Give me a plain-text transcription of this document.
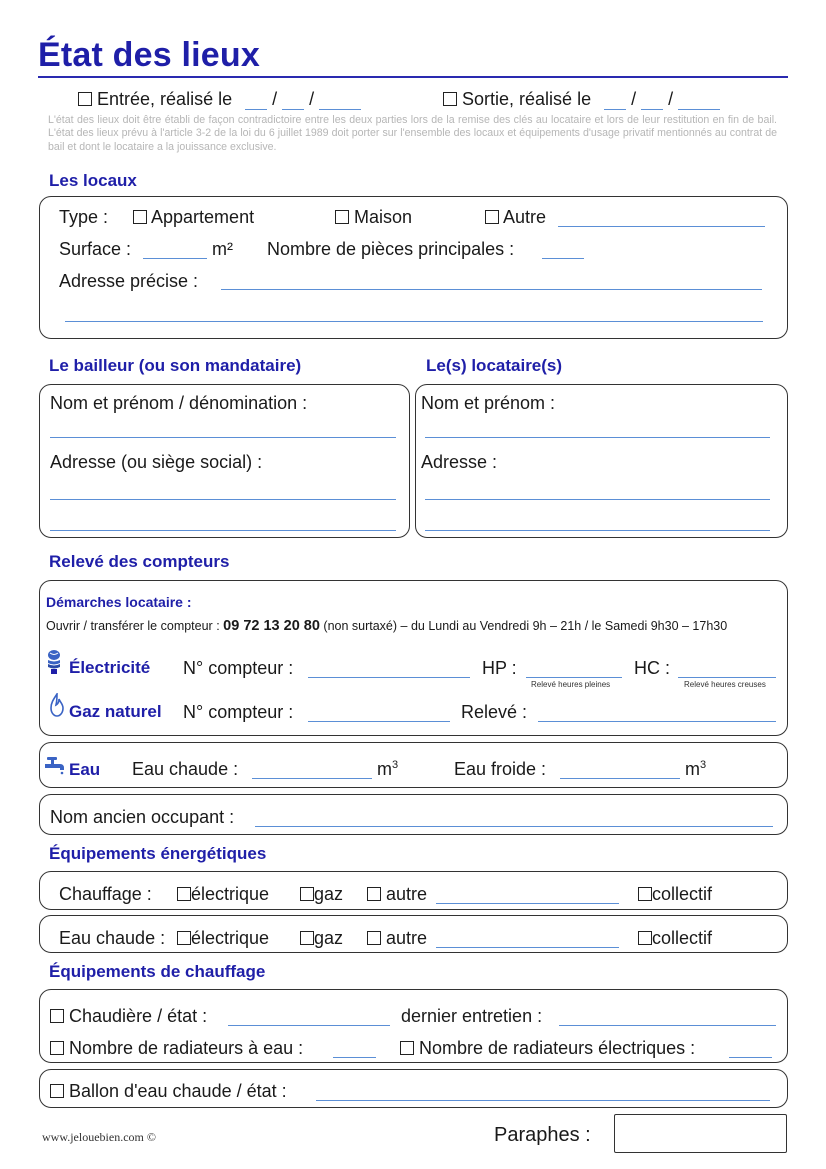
État des lieux
Entrée, réalisé le / /	Sortie, réalisé le / /
L'état des lieux doit être établi de façon contradictoire entre les deux parties lors de la remise des clés au locataire et lors de leur restitution en fin de bail. L'état des lieux prévu à l'article 3-2 de la loi du 6 juillet 1989 doit porter sur l'ensemble des locaux et équipements d'usage privatif mentionnés au contrat de bail et dont le locataire a la jouissance exclusive.
Les locaux
Type :	Appartement	Maison	Autre
Surface :	m² Nombre de pièces principales :
Adresse précise :
Le bailleur (ou son mandataire)	Le(s) locataire(s)
Nom et prénom / dénomination :
Adresse (ou siège social) :
Nom et prénom :
Adresse :
Relevé des compteurs
Démarches locataire :
Ouvrir / transférer le compteur : 09 72 13 20 80 (non surtaxé) – du Lundi au Vendredi 9h – 21h / le Samedi 9h30 – 17h30
Électricité N° compteur :	HP :
Relevé heures pleines
HC :
Relevé heures creuses
Gaz naturel N° compteur :	Relevé :
Eau Eau chaude :	$m^3$	Eau froide :	$m^3$
Nom ancien occupant :
Équipements énergétiques
Chauffage :	électrique	gaz	autre	collectif
Eau chaude :	électrique	gaz	autre	collectif
Équipements de chauffage
Chaudière / état :	dernier entretien :
Nombre de radiateurs à eau :	Nombre de radiateurs électriques :
Ballon d'eau chaude / état :
www.jelouebien.com ©	Paraphes :
